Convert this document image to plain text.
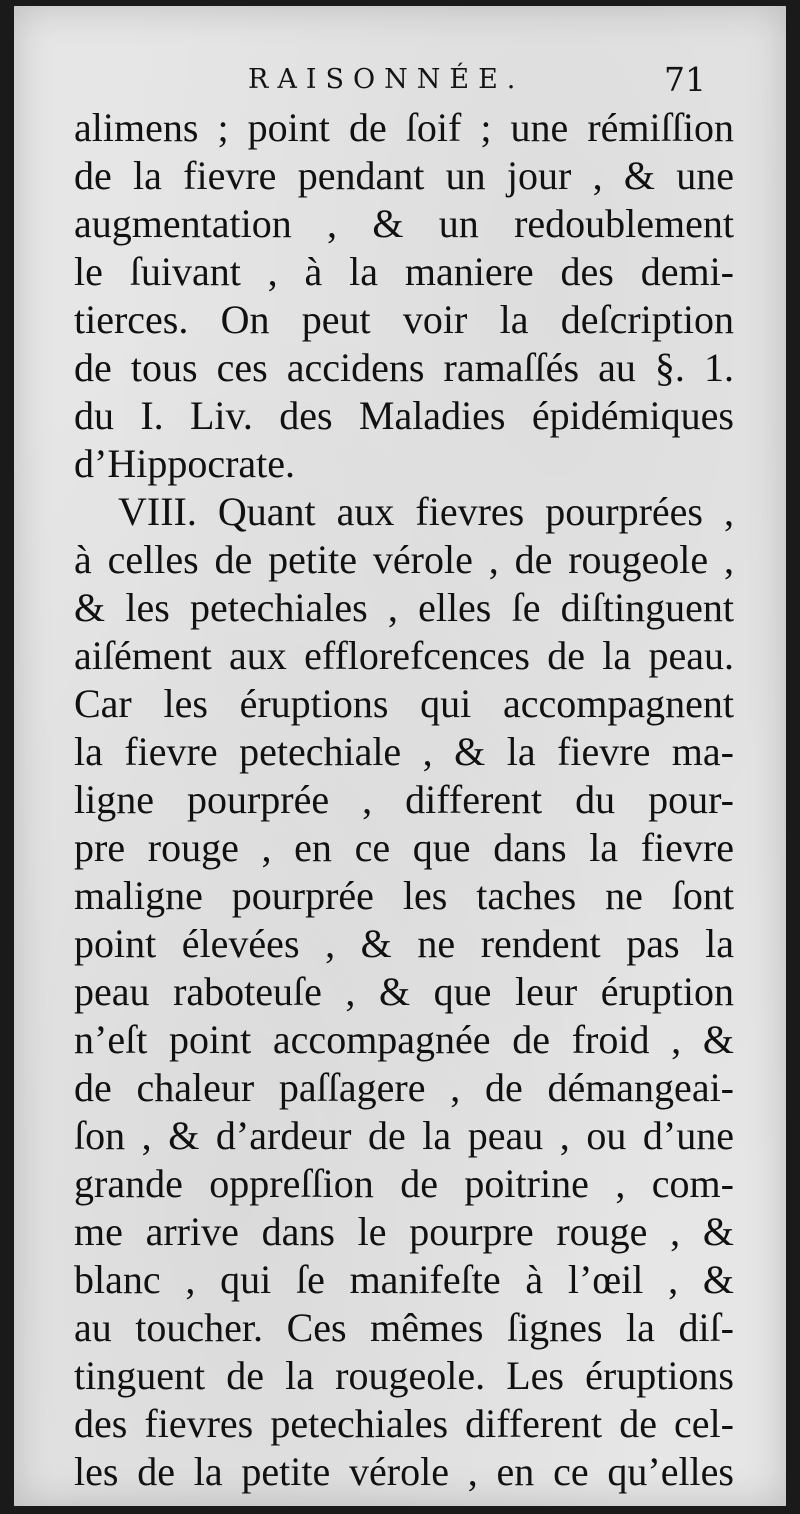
RAISONNÉE.	71
alimens ; point de ſoif ; une rémiſſion
de la fievre pendant un jour , & une
augmentation , & un redoublement
le ſuivant , à la maniere des demi-
tierces. On peut voir la deſcription
de tous ces accidens ramaſſés au §. 1.
du I. Liv. des Maladies épidémiques
d’Hippocrate.
VIII. Quant aux fievres pourprées ,
à celles de petite vérole , de rougeole ,
& les petechiales , elles ſe diſtinguent
aiſément aux efflorefcences de la peau.
Car les éruptions qui accompagnent
la fievre petechiale , & la fievre ma-
ligne pourprée , different du pour-
pre rouge , en ce que dans la fievre
maligne pourprée les taches ne ſont
point élevées , & ne rendent pas la
peau raboteuſe , & que leur éruption
n’eſt point accompagnée de froid , &
de chaleur paſſagere , de démangeai-
ſon , & d’ardeur de la peau , ou d’une
grande oppreſſion de poitrine , com-
me arrive dans le pourpre rouge , &
blanc , qui ſe manifeſte à l’œil , &
au toucher. Ces mêmes ſignes la diſ-
tinguent de la rougeole. Les éruptions
des fievres petechiales different de cel-
les de la petite vérole , en ce qu’elles
